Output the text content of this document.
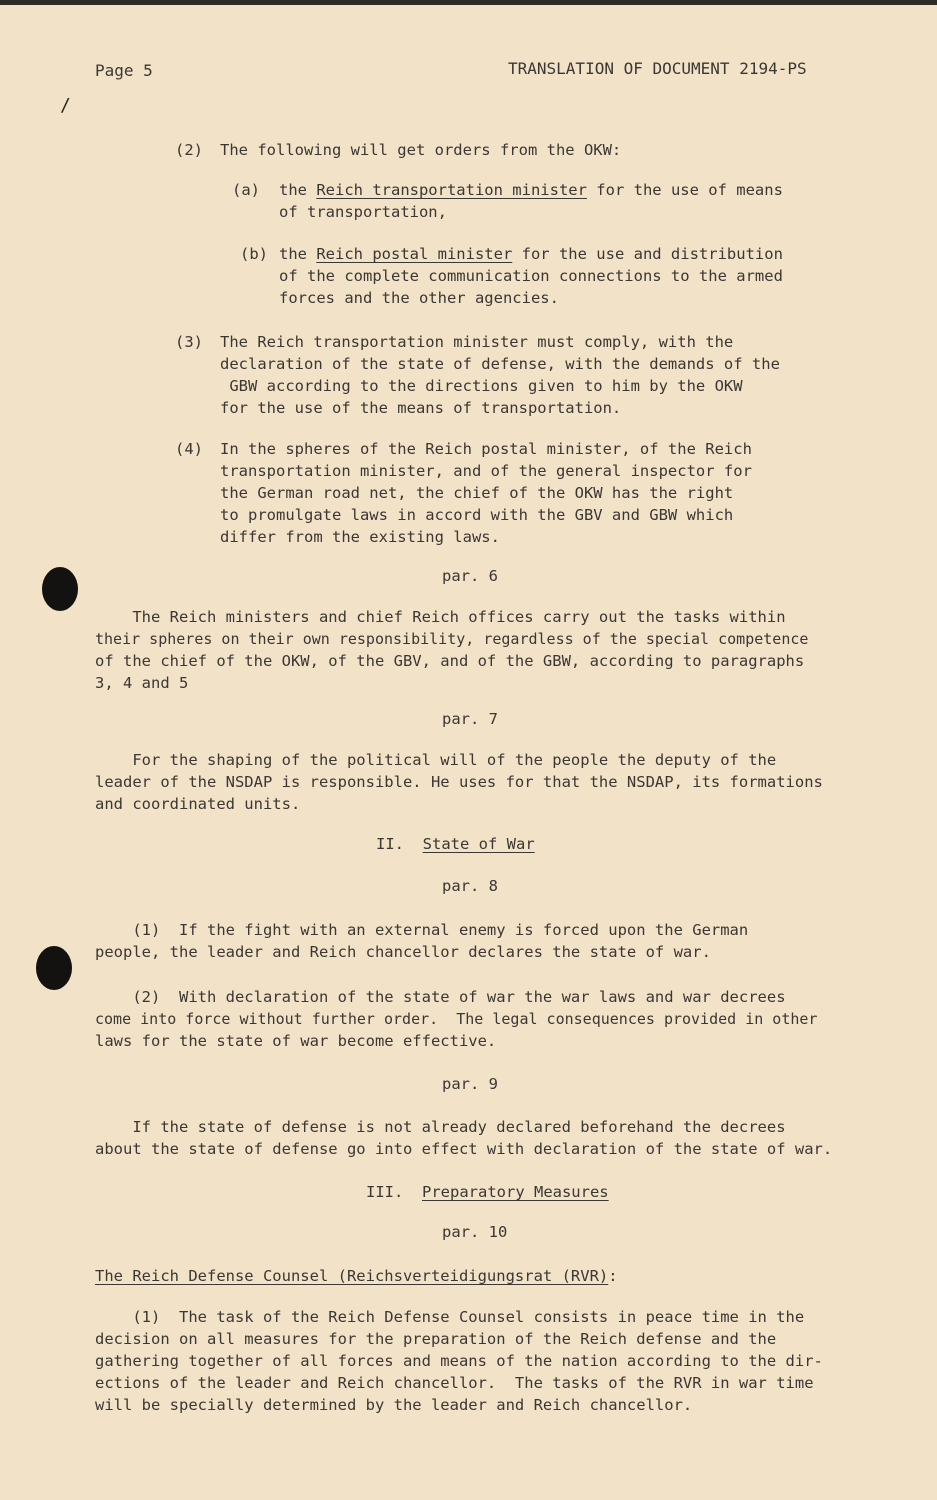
/
Page 5	TRANSLATION OF DOCUMENT 2194-PS
(2) The following will get orders from the OKW:
(a) the Reich transportation minister for the use of means
of transportation,
(b) the Reich postal minister for the use and distribution
of the complete communication connections to the armed
forces and the other agencies.
(3) The Reich transportation minister must comply, with the
declaration of the state of defense, with the demands of the
GBW according to the directions given to him by the OKW
for the use of the means of transportation.
(4) In the spheres of the Reich postal minister, of the Reich
transportation minister, and of the general inspector for
the German road net, the chief of the OKW has the right
to promulgate laws in accord with the GBV and GBW which
differ from the existing laws.
par. 6
The Reich ministers and chief Reich offices carry out the tasks within
their spheres on their own responsibility, regardless of the special competence
of the chief of the OKW, of the GBV, and of the GBW, according to paragraphs
3, 4 and 5
par. 7
For the shaping of the political will of the people the deputy of the
leader of the NSDAP is responsible. He uses for that the NSDAP, its formations
and coordinated units.
II. State of War
par. 8
(1)  If the fight with an external enemy is forced upon the German
people, the leader and Reich chancellor declares the state of war.
(2)  With declaration of the state of war the war laws and war decrees
come into force without further order.  The legal consequences provided in other
laws for the state of war become effective.
par. 9
If the state of defense is not already declared beforehand the decrees
about the state of defense go into effect with declaration of the state of war.
III. Preparatory Measures
par. 10
The Reich Defense Counsel (Reichsverteidigungsrat (RVR):
(1)  The task of the Reich Defense Counsel consists in peace time in the
decision on all measures for the preparation of the Reich defense and the
gathering together of all forces and means of the nation according to the dir-
ections of the leader and Reich chancellor.  The tasks of the RVR in war time
will be specially determined by the leader and Reich chancellor.
